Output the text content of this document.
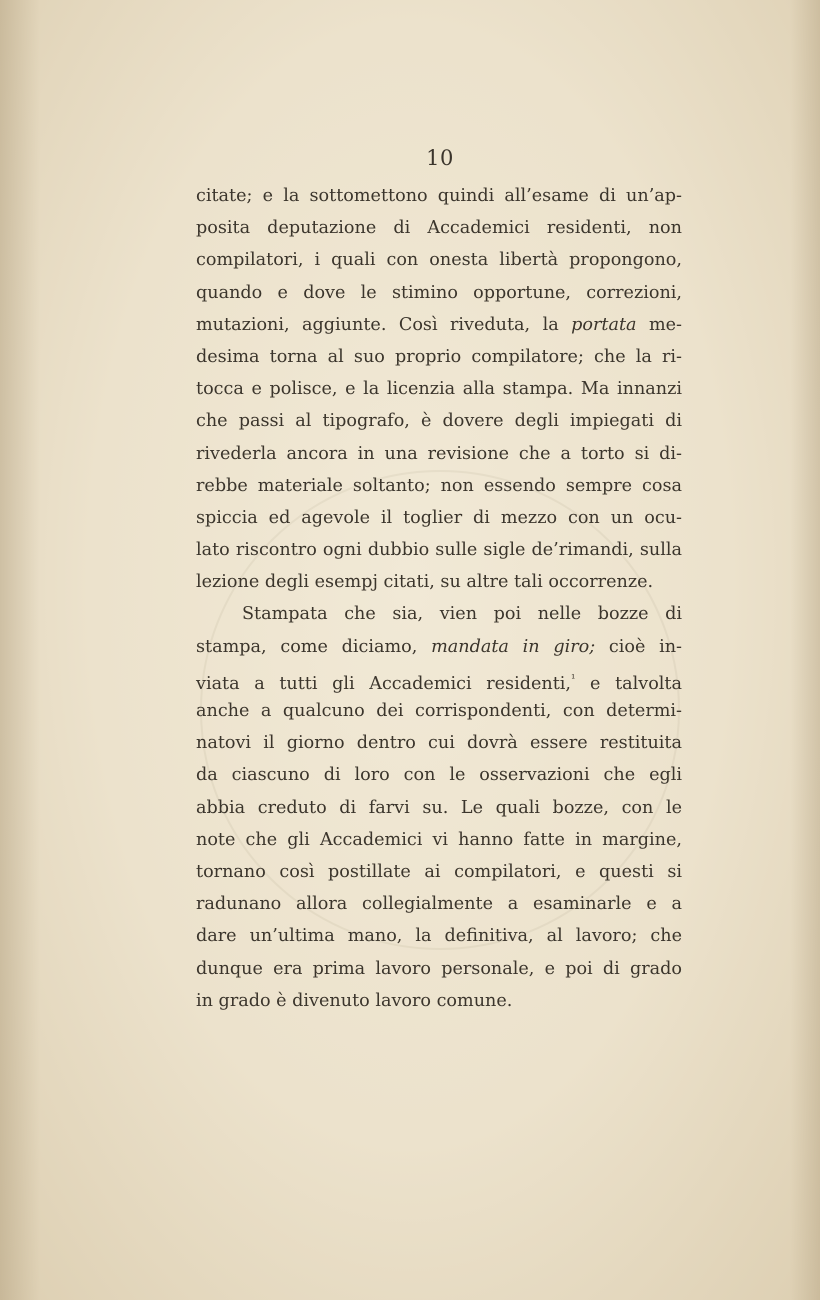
10
citate; e la sottomettono quindi all’esame di un’ap-
posita deputazione di Accademici residenti, non
compilatori, i quali con onesta libertà propongono,
quando e dove le stimino opportune, correzioni,
mutazioni, aggiunte. Così riveduta, la portata me-
desima torna al suo proprio compilatore; che la ri-
tocca e polisce, e la licenzia alla stampa. Ma innanzi
che passi al tipografo, è dovere degli impiegati di
rivederla ancora in una revisione che a torto si di-
rebbe materiale soltanto; non essendo sempre cosa
spiccia ed agevole il toglier di mezzo con un ocu-
lato riscontro ogni dubbio sulle sigle de’rimandi, sulla
lezione degli esempj citati, su altre tali occorrenze.
Stampata che sia, vien poi nelle bozze di
stampa, come diciamo, mandata in giro; cioè in-
viata a tutti gli Accademici residenti,$^{^1}$ e talvolta
anche a qualcuno dei corrispondenti, con determi-
natovi il giorno dentro cui dovrà essere restituita
da ciascuno di loro con le osservazioni che egli
abbia creduto di farvi su. Le quali bozze, con le
note che gli Accademici vi hanno fatte in margine,
tornano così postillate ai compilatori, e questi si
radunano allora collegialmente a esaminarle e a
dare un’ultima mano, la definitiva, al lavoro; che
dunque era prima lavoro personale, e poi di grado
in grado è divenuto lavoro comune.
